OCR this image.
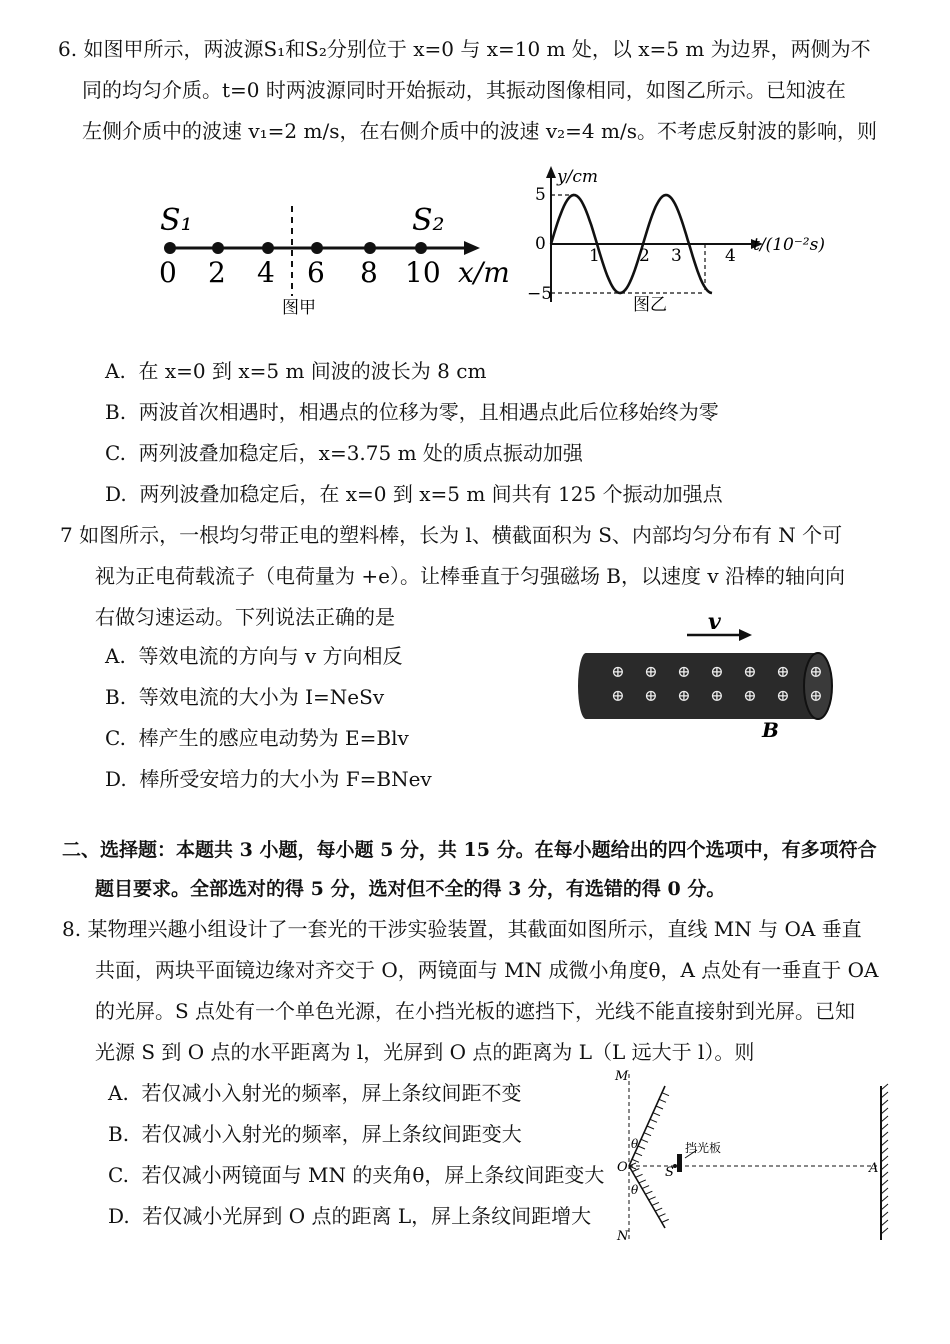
6. 如图甲所示，两波源S₁和S₂分别位于 x=0 与 x=10 m 处，以 x=5 m 为边界，两侧为不
同的均匀介质。t=0 时两波源同时开始振动，其振动图像相同，如图乙所示。已知波在
左侧介质中的波速 v₁=2 m/s，在右侧介质中的波速 v₂=4 m/s。不考虑反射波的影响，则
S₁	S₂
0 2 4 6 8 10 x/m
图甲
y/cm
5
0
−5
1 2 3	4
t/(10⁻²s)
图乙
A. 在 x=0 到 x=5 m 间波的波长为 8 cm
B. 两波首次相遇时，相遇点的位移为零，且相遇点此后位移始终为零
C. 两列波叠加稳定后，x=3.75 m 处的质点振动加强
D. 两列波叠加稳定后，在 x=0 到 x=5 m 间共有 125 个振动加强点
7 如图所示，一根均匀带正电的塑料棒，长为 l、横截面积为 S、内部均匀分布有 N 个可
视为正电荷载流子（电荷量为 +e）。让棒垂直于匀强磁场 B，以速度 v 沿棒的轴向向
右做匀速运动。下列说法正确的是	v
⊕ ⊕ ⊕ ⊕ ⊕ ⊕ ⊕
⊕ ⊕ ⊕ ⊕ ⊕ ⊕ ⊕
B
A. 等效电流的方向与 v 方向相反
B. 等效电流的大小为 I=NeSv
C. 棒产生的感应电动势为 E=Blv
D. 棒所受安培力的大小为 F=BNev
二、选择题：本题共 3 小题，每小题 5 分，共 15 分。在每小题给出的四个选项中，有多项符合
题目要求。全部选对的得 5 分，选对但不全的得 3 分，有选错的得 0 分。
8. 某物理兴趣小组设计了一套光的干涉实验装置，其截面如图所示，直线 MN 与 OA 垂直
共面，两块平面镜边缘对齐交于 O，两镜面与 MN 成微小角度θ，A 点处有一垂直于 OA
的光屏。S 点处有一个单色光源，在小挡光板的遮挡下，光线不能直接射到光屏。已知
光源 S 到 O 点的水平距离为 l，光屏到 O 点的距离为 L（L 远大于 l）。则
M
N
O	S	A
θ
θ
挡光板
A. 若仅减小入射光的频率，屏上条纹间距不变
B. 若仅减小入射光的频率，屏上条纹间距变大
C. 若仅减小两镜面与 MN 的夹角θ，屏上条纹间距变大
D. 若仅减小光屏到 O 点的距离 L，屏上条纹间距增大
